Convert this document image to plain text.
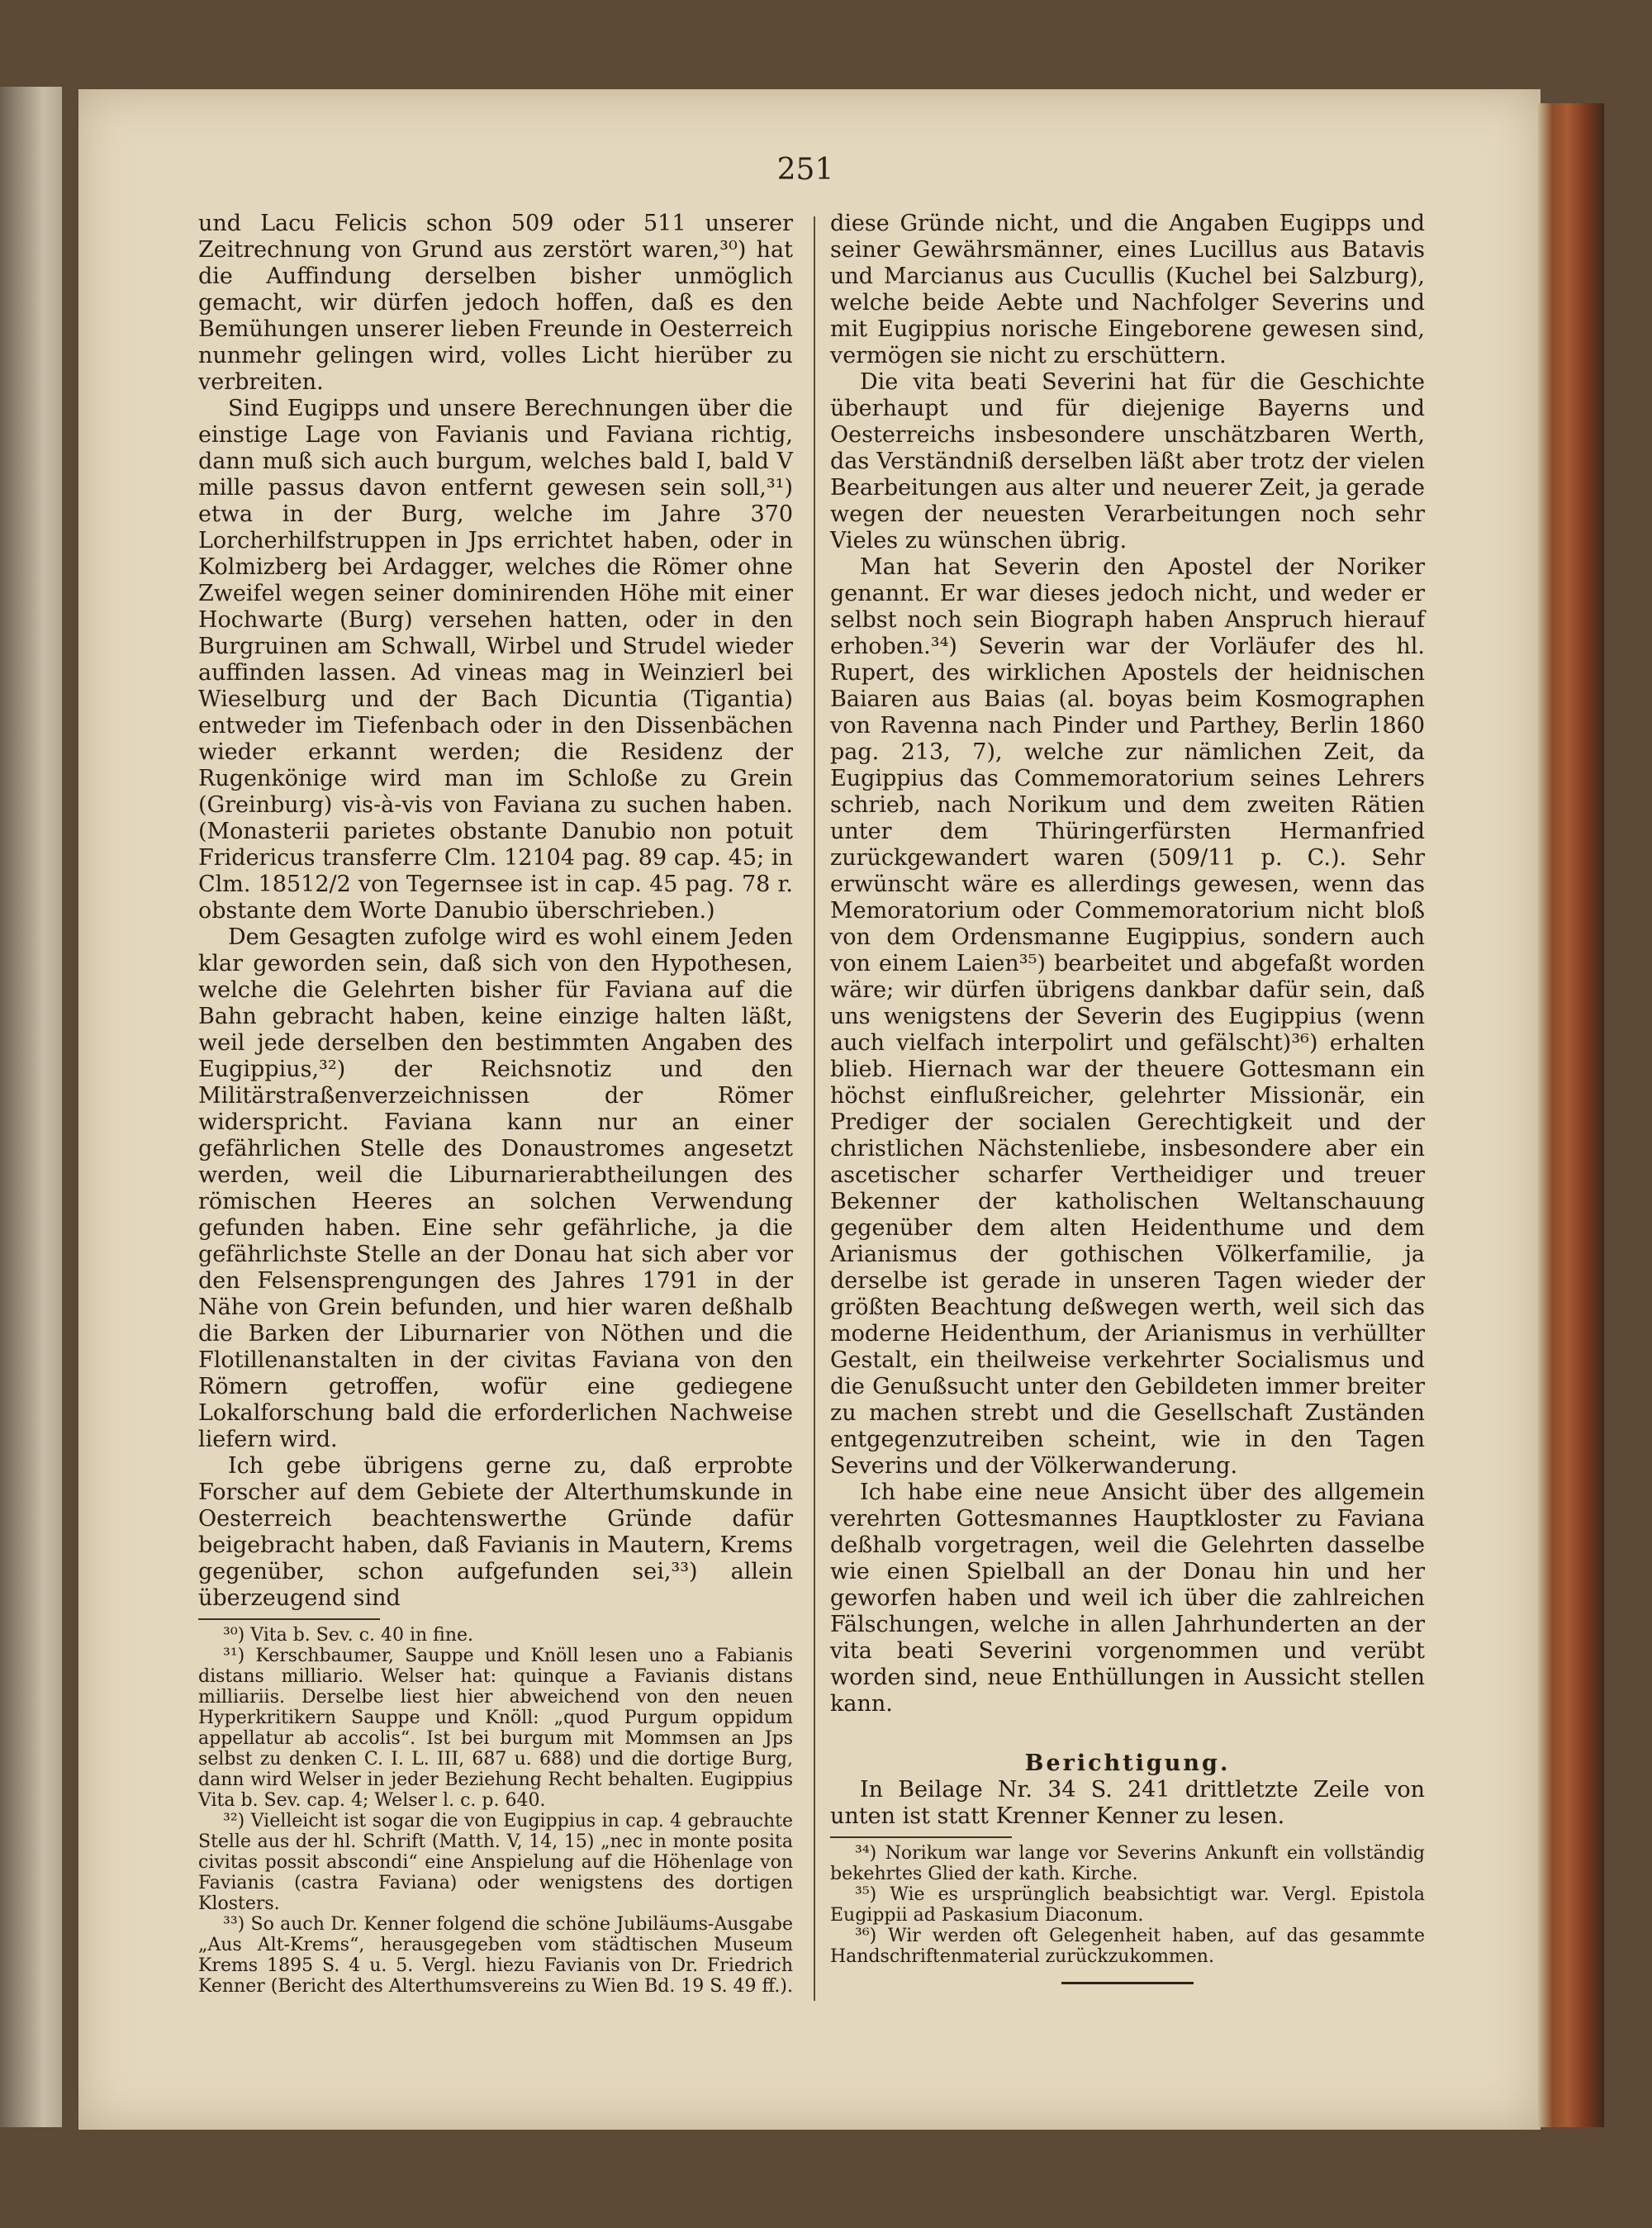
251

und Lacu Felicis schon 509 oder 511 unserer Zeitrechnung von Grund aus zerstört waren,³⁰) hat die Auffindung derselben bisher unmöglich gemacht, wir dürfen jedoch hoffen, daß es den Bemühungen unserer lieben Freunde in Oesterreich nunmehr gelingen wird, volles Licht hierüber zu verbreiten.

Sind Eugipps und unsere Berechnungen über die einstige Lage von Favianis und Faviana richtig, dann muß sich auch burgum, welches bald I, bald V mille passus davon entfernt gewesen sein soll,³¹) etwa in der Burg, welche im Jahre 370 Lorcherhilfstruppen in Jps errichtet haben, oder in Kolmizberg bei Ardagger, welches die Römer ohne Zweifel wegen seiner dominirenden Höhe mit einer Hochwarte (Burg) versehen hatten, oder in den Burgruinen am Schwall, Wirbel und Strudel wieder auffinden lassen. Ad vineas mag in Weinzierl bei Wieselburg und der Bach Dicuntia (Tigantia) entweder im Tiefenbach oder in den Dissenbächen wieder erkannt werden; die Residenz der Rugenkönige wird man im Schloße zu Grein (Greinburg) vis-à-vis von Faviana zu suchen haben. (Monasterii parietes obstante Danubio non potuit Fridericus transferre Clm. 12104 pag. 89 cap. 45; in Clm. 18512/2 von Tegernsee ist in cap. 45 pag. 78 r. obstante dem Worte Danubio überschrieben.)

Dem Gesagten zufolge wird es wohl einem Jeden klar geworden sein, daß sich von den Hypothesen, welche die Gelehrten bisher für Faviana auf die Bahn gebracht haben, keine einzige halten läßt, weil jede derselben den bestimmten Angaben des Eugippius,³²) der Reichsnotiz und den Militärstraßenverzeichnissen der Römer widerspricht. Faviana kann nur an einer gefährlichen Stelle des Donaustromes angesetzt werden, weil die Liburnarierabtheilungen des römischen Heeres an solchen Verwendung gefunden haben. Eine sehr gefährliche, ja die gefährlichste Stelle an der Donau hat sich aber vor den Felsensprengungen des Jahres 1791 in der Nähe von Grein befunden, und hier waren deßhalb die Barken der Liburnarier von Nöthen und die Flotillenanstalten in der civitas Faviana von den Römern getroffen, wofür eine gediegene Lokalforschung bald die erforderlichen Nachweise liefern wird.

Ich gebe übrigens gerne zu, daß erprobte Forscher auf dem Gebiete der Alterthumskunde in Oesterreich beachtenswerthe Gründe dafür beigebracht haben, daß Favianis in Mautern, Krems gegenüber, schon aufgefunden sei,³³) allein überzeugend sind

³⁰) Vita b. Sev. c. 40 in fine.

³¹) Kerschbaumer, Sauppe und Knöll lesen uno a Fabianis distans milliario. Welser hat: quinque a Favianis distans milliariis. Derselbe liest hier abweichend von den neuen Hyperkritikern Sauppe und Knöll: „quod Purgum oppidum appellatur ab accolis“. Ist bei burgum mit Mommsen an Jps selbst zu denken C. I. L. III, 687 u. 688) und die dortige Burg, dann wird Welser in jeder Beziehung Recht behalten. Eugippius Vita b. Sev. cap. 4; Welser l. c. p. 640.

³²) Vielleicht ist sogar die von Eugippius in cap. 4 gebrauchte Stelle aus der hl. Schrift (Matth. V, 14, 15) „nec in monte posita civitas possit abscondi“ eine Anspielung auf die Höhenlage von Favianis (castra Faviana) oder wenigstens des dortigen Klosters.

³³) So auch Dr. Kenner folgend die schöne Jubiläums-Ausgabe „Aus Alt-Krems“, herausgegeben vom städtischen Museum Krems 1895 S. 4 u. 5. Vergl. hiezu Favianis von Dr. Friedrich Kenner (Bericht des Alterthumsvereins zu Wien Bd. 19 S. 49 ff.).

diese Gründe nicht, und die Angaben Eugipps und seiner Gewährsmänner, eines Lucillus aus Batavis und Marcianus aus Cucullis (Kuchel bei Salzburg), welche beide Aebte und Nachfolger Severins und mit Eugippius norische Eingeborene gewesen sind, vermögen sie nicht zu erschüttern.

Die vita beati Severini hat für die Geschichte überhaupt und für diejenige Bayerns und Oesterreichs insbesondere unschätzbaren Werth, das Verständniß derselben läßt aber trotz der vielen Bearbeitungen aus alter und neuerer Zeit, ja gerade wegen der neuesten Verarbeitungen noch sehr Vieles zu wünschen übrig.

Man hat Severin den Apostel der Noriker genannt. Er war dieses jedoch nicht, und weder er selbst noch sein Biograph haben Anspruch hierauf erhoben.³⁴) Severin war der Vorläufer des hl. Rupert, des wirklichen Apostels der heidnischen Baiaren aus Baias (al. boyas beim Kosmographen von Ravenna nach Pinder und Parthey, Berlin 1860 pag. 213, 7), welche zur nämlichen Zeit, da Eugippius das Commemoratorium seines Lehrers schrieb, nach Norikum und dem zweiten Rätien unter dem Thüringerfürsten Hermanfried zurückgewandert waren (509/11 p. C.). Sehr erwünscht wäre es allerdings gewesen, wenn das Memoratorium oder Commemoratorium nicht bloß von dem Ordensmanne Eugippius, sondern auch von einem Laien³⁵) bearbeitet und abgefaßt worden wäre; wir dürfen übrigens dankbar dafür sein, daß uns wenigstens der Severin des Eugippius (wenn auch vielfach interpolirt und gefälscht)³⁶) erhalten blieb. Hiernach war der theuere Gottesmann ein höchst einflußreicher, gelehrter Missionär, ein Prediger der socialen Gerechtigkeit und der christlichen Nächstenliebe, insbesondere aber ein ascetischer scharfer Vertheidiger und treuer Bekenner der katholischen Weltanschauung gegenüber dem alten Heidenthume und dem Arianismus der gothischen Völkerfamilie, ja derselbe ist gerade in unseren Tagen wieder der größten Beachtung deßwegen werth, weil sich das moderne Heidenthum, der Arianismus in verhüllter Gestalt, ein theilweise verkehrter Socialismus und die Genußsucht unter den Gebildeten immer breiter zu machen strebt und die Gesellschaft Zuständen entgegenzutreiben scheint, wie in den Tagen Severins und der Völkerwanderung.

Ich habe eine neue Ansicht über des allgemein verehrten Gottesmannes Hauptkloster zu Faviana deßhalb vorgetragen, weil die Gelehrten dasselbe wie einen Spielball an der Donau hin und her geworfen haben und weil ich über die zahlreichen Fälschungen, welche in allen Jahrhunderten an der vita beati Severini vorgenommen und verübt worden sind, neue Enthüllungen in Aussicht stellen kann.

Berichtigung.

In Beilage Nr. 34 S. 241 drittletzte Zeile von unten ist statt Krenner Kenner zu lesen.

³⁴) Norikum war lange vor Severins Ankunft ein vollständig bekehrtes Glied der kath. Kirche.

³⁵) Wie es ursprünglich beabsichtigt war. Vergl. Epistola Eugippii ad Paskasium Diaconum.

³⁶) Wir werden oft Gelegenheit haben, auf das gesammte Handschriftenmaterial zurückzukommen.
